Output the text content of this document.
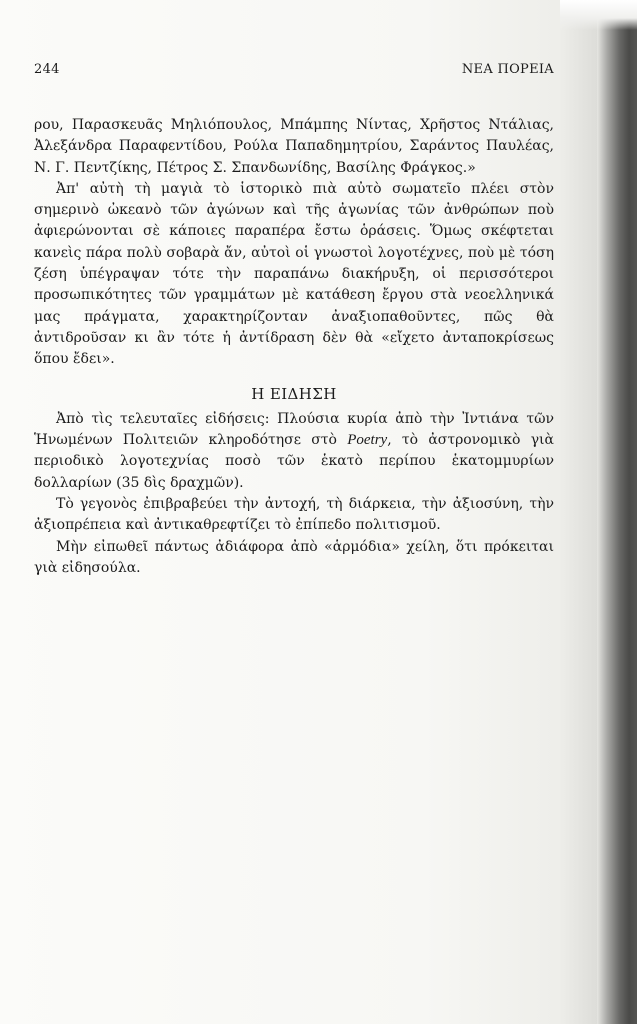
244	ΝΕΑ ΠΟΡΕΙΑ

ρου, Παρασκευᾶς Μηλιόπουλος, Μπάμπης Νίντας, Χρῆστος Ντάλιας, Ἀλεξάνδρα Παραφεντίδου, Ρούλα Παπαδημητρίου, Σαράντος Παυλέας, Ν. Γ. Πεντζίκης, Πέτρος Σ. Σπανδωνίδης, Βασίλης Φράγκος.»

Ἀπ' αὐτὴ τὴ μαγιὰ τὸ ἱστορικὸ πιὰ αὐτὸ σωματεῖο πλέει στὸν σημερινὸ ὠκεανὸ τῶν ἀγώνων καὶ τῆς ἀγωνίας τῶν ἀνθρώπων ποὺ ἀφιερώνονται σὲ κάποιες παραπέρα ἔστω ὁράσεις. Ὅμως σκέφτεται κανεὶς πάρα πολὺ σοβαρὰ ἄν, αὐτοὶ οἱ γνωστοὶ λογοτέχνες, ποὺ μὲ τόση ζέση ὑπέγραψαν τότε τὴν παραπάνω διακήρυξη, οἱ περισσότεροι προσωπικότητες τῶν γραμμάτων μὲ κατάθεση ἔργου στὰ νεοελληνικά μας πράγματα, χαρακτηρίζονταν ἀναξιοπαθοῦντες, πῶς θὰ ἀντιδροῦσαν κι ἂν τότε ἡ ἀντίδραση δὲν θὰ «εἴχετο ἀνταποκρίσεως ὅπου ἔδει».

Η ΕΙΔΗΣΗ

Ἀπὸ τὶς τελευταῖες εἰδήσεις: Πλούσια κυρία ἀπὸ τὴν Ἰντιάνα τῶν Ἡνωμένων Πολιτειῶν κληροδότησε στὸ Poetry, τὸ ἀστρονομικὸ γιὰ περιοδικὸ λογοτεχνίας ποσὸ τῶν ἑκατὸ περίπου ἑκατομμυρίων δολλαρίων (35 δὶς δραχμῶν).

Τὸ γεγονὸς ἐπιβραβεύει τὴν ἀντοχή, τὴ διάρκεια, τὴν ἀξιοσύνη, τὴν ἀξιοπρέπεια καὶ ἀντικαθρεφτίζει τὸ ἐπίπεδο πολιτισμοῦ.

Μὴν εἰπωθεῖ πάντως ἀδιάφορα ἀπὸ «ἁρμόδια» χείλη, ὅτι πρόκειται γιὰ εἰδησούλα.
